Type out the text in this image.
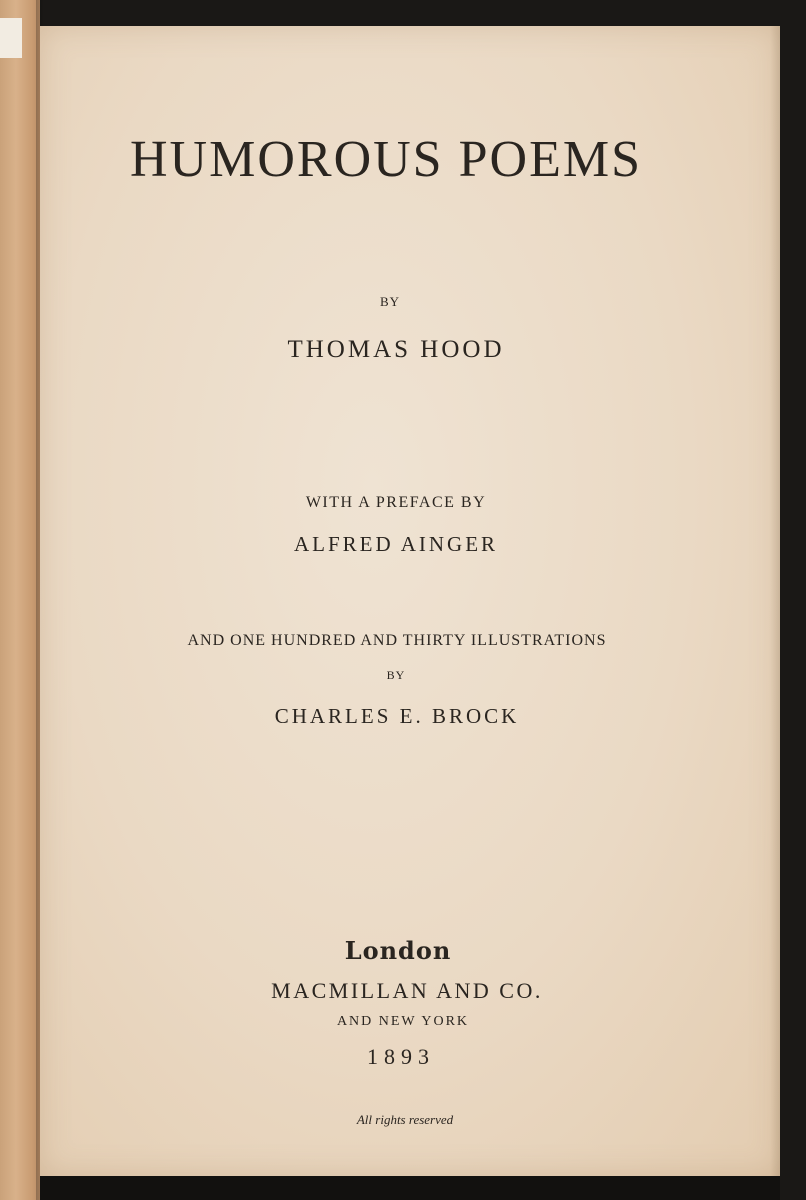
HUMOROUS POEMS
BY
THOMAS HOOD
WITH A PREFACE BY
ALFRED AINGER
AND ONE HUNDRED AND THIRTY ILLUSTRATIONS
BY
CHARLES E. BROCK
London
MACMILLAN AND CO.
AND NEW YORK
1893
All rights reserved
